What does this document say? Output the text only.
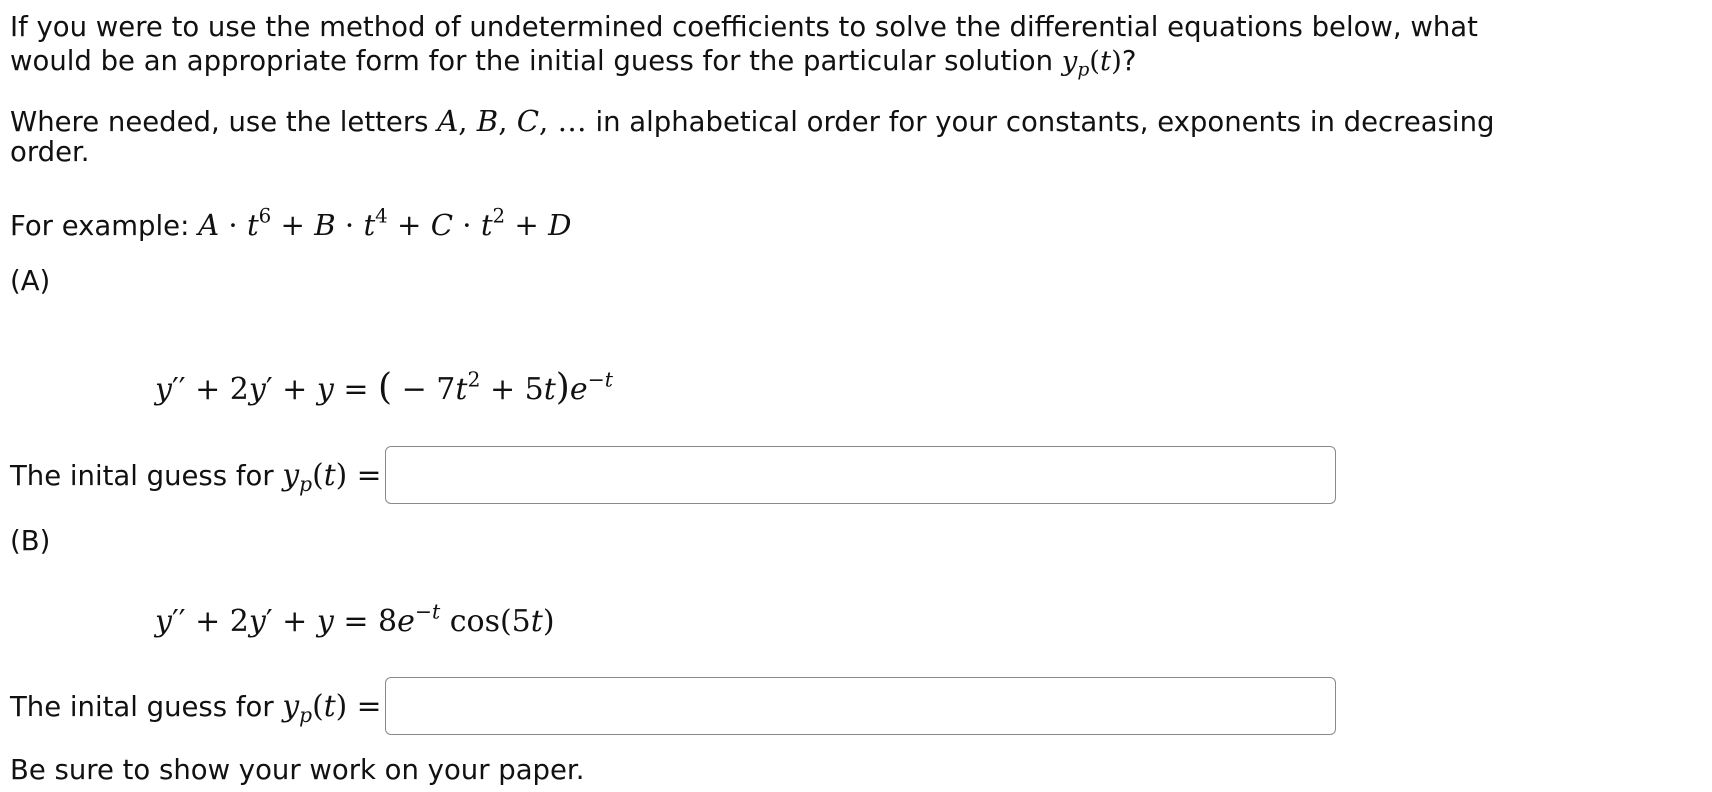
If you were to use the method of undetermined coefficients to solve the differential equations below, what
would be an appropriate form for the initial guess for the particular solution $y_p(t)$?
Where needed, use the letters A, B, C, … in alphabetical order for your constants, exponents in decreasing
order.
For example: $A \cdot t^6 + B \cdot t^4 + C \cdot t^2 + D$
(A)
y′′ + 2y′ + y = ( − $7t^2 + 5t)e^{-t}$
The inital guess for $y_p(t)$ =
(B)
$y'' + 2y' + y = 8e^{-t}$ cos(5t)
The inital guess for $y_p(t)$ =
Be sure to show your work on your paper.
